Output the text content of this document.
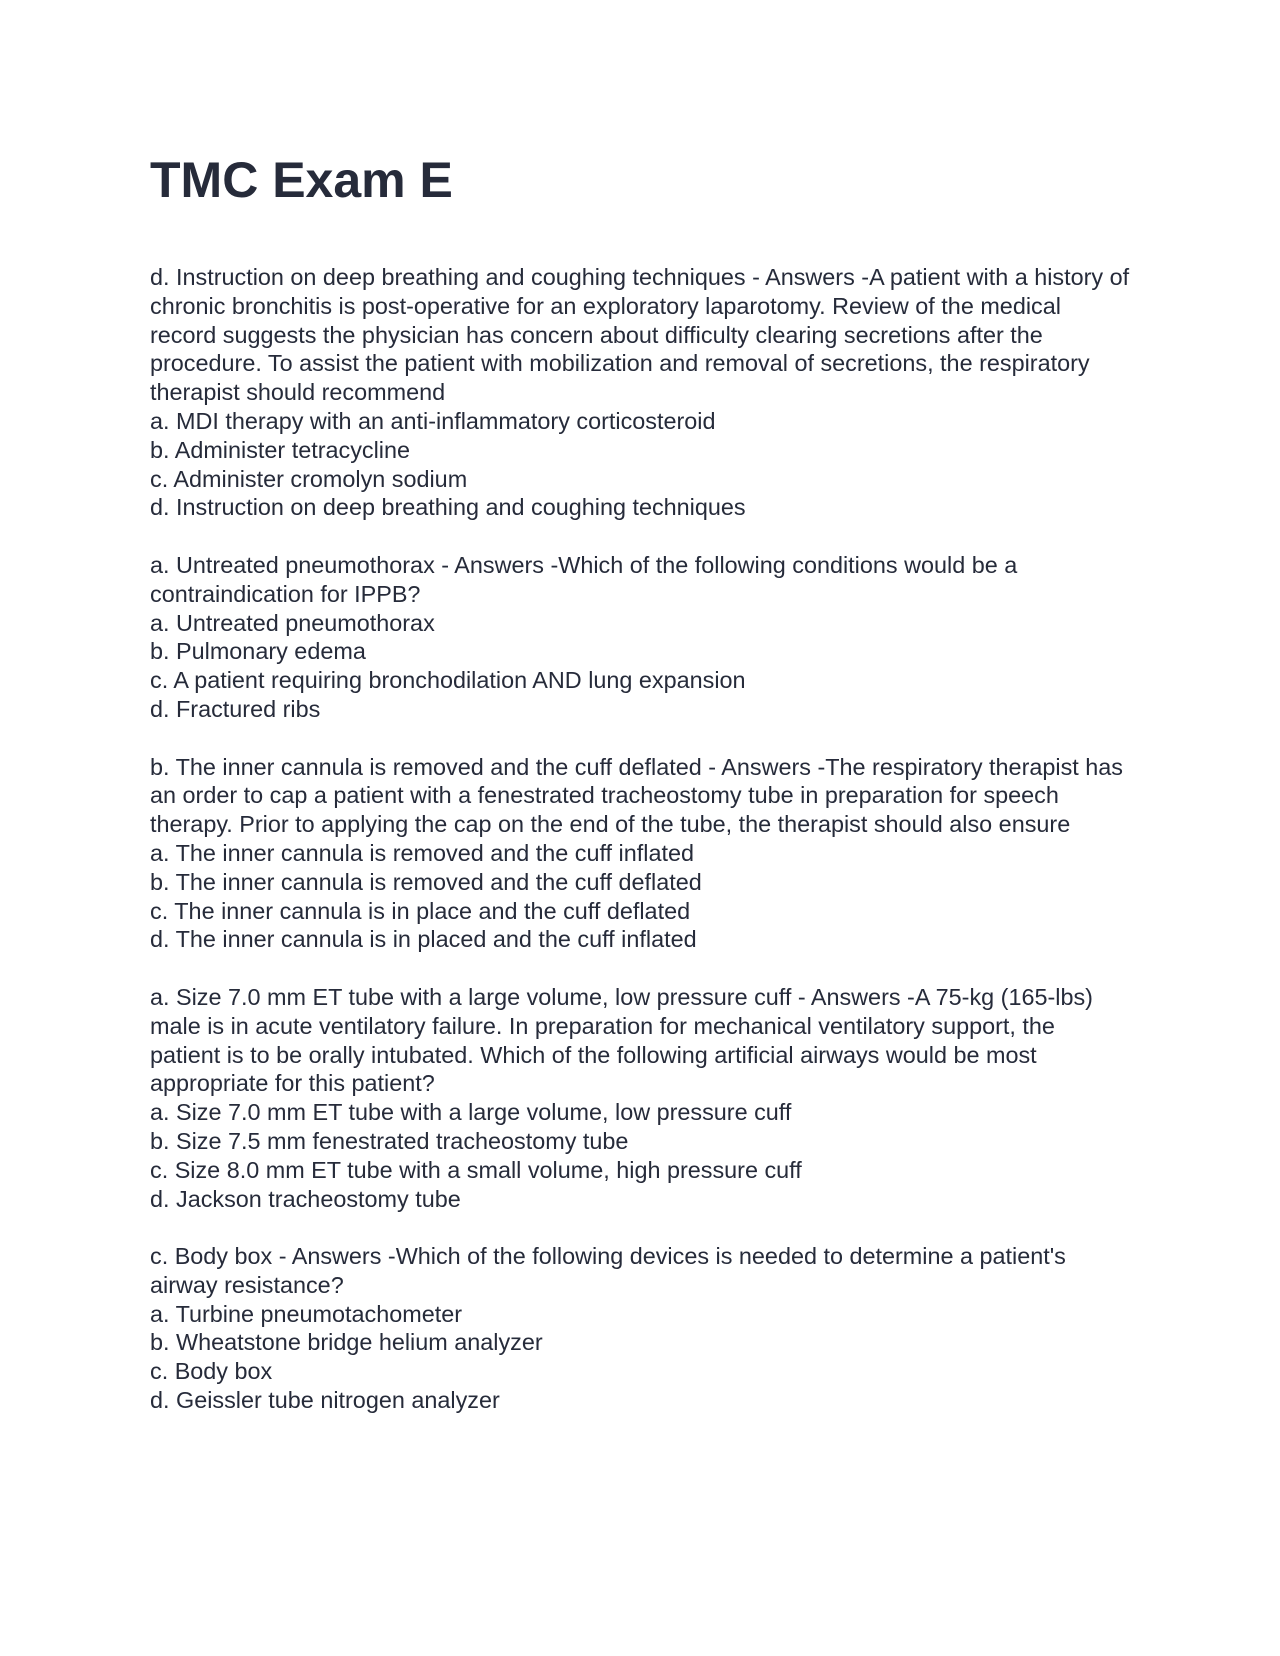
TMC Exam E

d. Instruction on deep breathing and coughing techniques - Answers -A patient with a history of chronic bronchitis is post-operative for an exploratory laparotomy. Review of the medical record suggests the physician has concern about difficulty clearing secretions after the procedure. To assist the patient with mobilization and removal of secretions, the respiratory therapist should recommend

a. MDI therapy with an anti-inflammatory corticosteroid
b. Administer tetracycline
c. Administer cromolyn sodium
d. Instruction on deep breathing and coughing techniques

a. Untreated pneumothorax - Answers -Which of the following conditions would be a contraindication for IPPB?

a. Untreated pneumothorax
b. Pulmonary edema
c. A patient requiring bronchodilation AND lung expansion
d. Fractured ribs

b. The inner cannula is removed and the cuff deflated - Answers -The respiratory therapist has an order to cap a patient with a fenestrated tracheostomy tube in preparation for speech therapy. Prior to applying the cap on the end of the tube, the therapist should also ensure

a. The inner cannula is removed and the cuff inflated
b. The inner cannula is removed and the cuff deflated
c. The inner cannula is in place and the cuff deflated
d. The inner cannula is in placed and the cuff inflated

a. Size 7.0 mm ET tube with a large volume, low pressure cuff - Answers -A 75-kg (165-lbs) male is in acute ventilatory failure. In preparation for mechanical ventilatory support, the patient is to be orally intubated. Which of the following artificial airways would be most appropriate for this patient?

a. Size 7.0 mm ET tube with a large volume, low pressure cuff
b. Size 7.5 mm fenestrated tracheostomy tube
c. Size 8.0 mm ET tube with a small volume, high pressure cuff
d. Jackson tracheostomy tube

c. Body box - Answers -Which of the following devices is needed to determine a patient's airway resistance?

a. Turbine pneumotachometer
b. Wheatstone bridge helium analyzer
c. Body box
d. Geissler tube nitrogen analyzer
